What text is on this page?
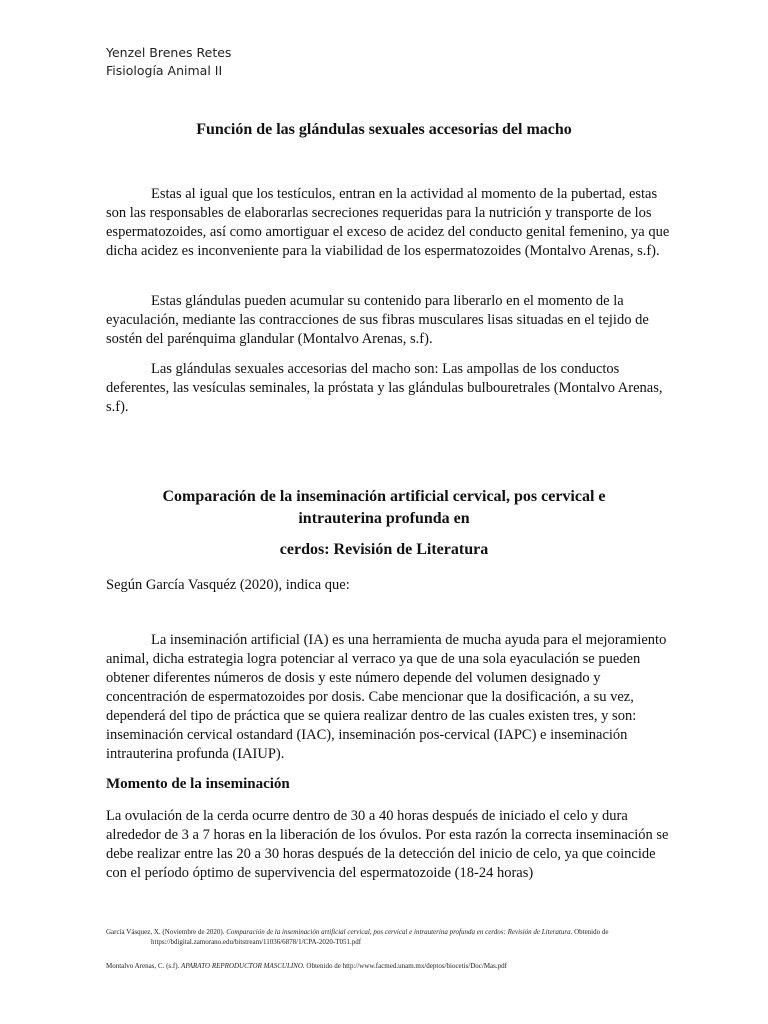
Yenzel Brenes Retes
Fisiología Animal II
Función de las glándulas sexuales accesorias del macho

Estas al igual que los testículos, entran en la actividad al momento de la pubertad, estas son las responsables de elaborarlas secreciones requeridas para la nutrición y transporte de los espermatozoides, así como amortiguar el exceso de acidez del conducto genital femenino, ya que dicha acidez es inconveniente para la viabilidad de los espermatozoides (Montalvo Arenas, s.f).

Estas glándulas pueden acumular su contenido para liberarlo en el momento de la eyaculación, mediante las contracciones de sus fibras musculares lisas situadas en el tejido de sostén del parénquima glandular (Montalvo Arenas, s.f).

Las glándulas sexuales accesorias del macho son: Las ampollas de los conductos deferentes, las vesículas seminales, la próstata y las glándulas bulbouretrales (Montalvo Arenas, s.f).

Comparación de la inseminación artificial cervical, pos cervical e
intrauterina profunda en
cerdos: Revisión de Literatura

Según García Vasquéz (2020), indica que:

La inseminación artificial (IA) es una herramienta de mucha ayuda para el mejoramiento animal, dicha estrategia logra potenciar al verraco ya que de una sola eyaculación se pueden obtener diferentes números de dosis y este número depende del volumen designado y concentración de espermatozoides por dosis. Cabe mencionar que la dosificación, a su vez, dependerá del tipo de práctica que se quiera realizar dentro de las cuales existen tres, y son: inseminación cervical ostandard (IAC), inseminación pos-cervical (IAPC) e inseminación intrauterina profunda (IAIUP).

Momento de la inseminación

La ovulación de la cerda ocurre dentro de 30 a 40 horas después de iniciado el celo y dura alrededor de 3 a 7 horas en la liberación de los óvulos. Por esta razón la correcta inseminación se debe realizar entre las 20 a 30 horas después de la detección del inicio de celo, ya que coincide con el período óptimo de supervivencia del espermatozoide (18-24 horas)

García Vásquez, X. (Noviembre de 2020). Comparación de la inseminación artificial cervical, pos cervical e intrauterina profunda en cerdos: Revisión de Literatura. Obtenido de
https://bdigital.zamorano.edu/bitstream/11036/6878/1/CPA-2020-T051.pdf

Montalvo Arenas, C. (s.f). APARATO REPRODUCTOR MASCULINO. Obtenido de http://www.facmed.unam.mx/deptos/biocetis/Doc/Mas.pdf
